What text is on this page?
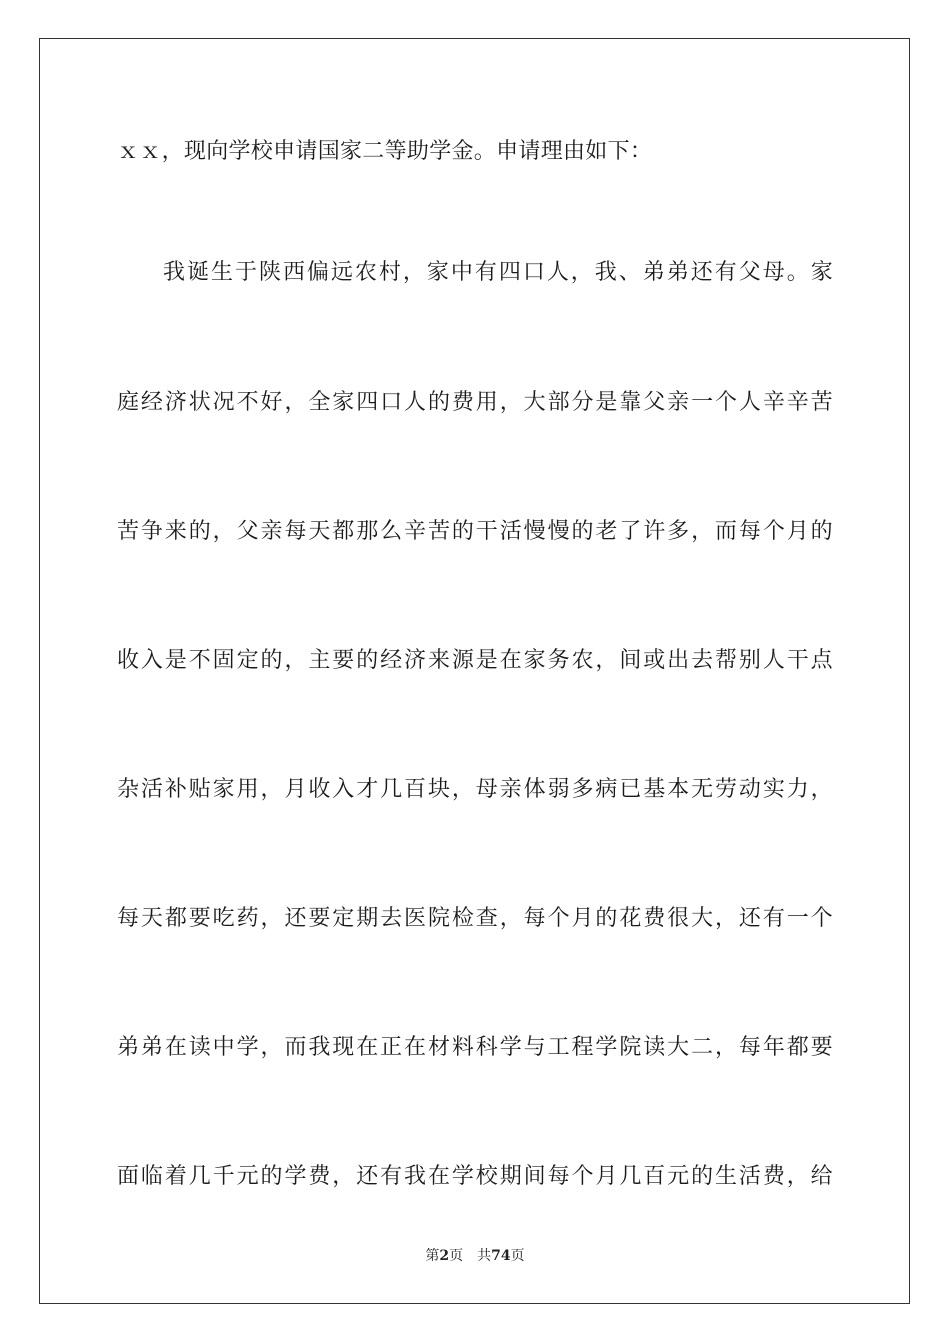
ｘｘ，现向学校申请国家二等助学金。申请理由如下：
我诞生于陕西偏远农村，家中有四口人，我、弟弟还有父母。家
庭经济状况不好，全家四口人的费用，大部分是靠父亲一个人辛辛苦
苦争来的，父亲每天都那么辛苦的干活慢慢的老了许多，而每个月的
收入是不固定的，主要的经济来源是在家务农，间或出去帮别人干点
杂活补贴家用，月收入才几百块，母亲体弱多病已基本无劳动实力，
每天都要吃药，还要定期去医院检查，每个月的花费很大，还有一个
弟弟在读中学，而我现在正在材料科学与工程学院读大二，每年都要
面临着几千元的学费，还有我在学校期间每个月几百元的生活费，给
第2页 共74页
